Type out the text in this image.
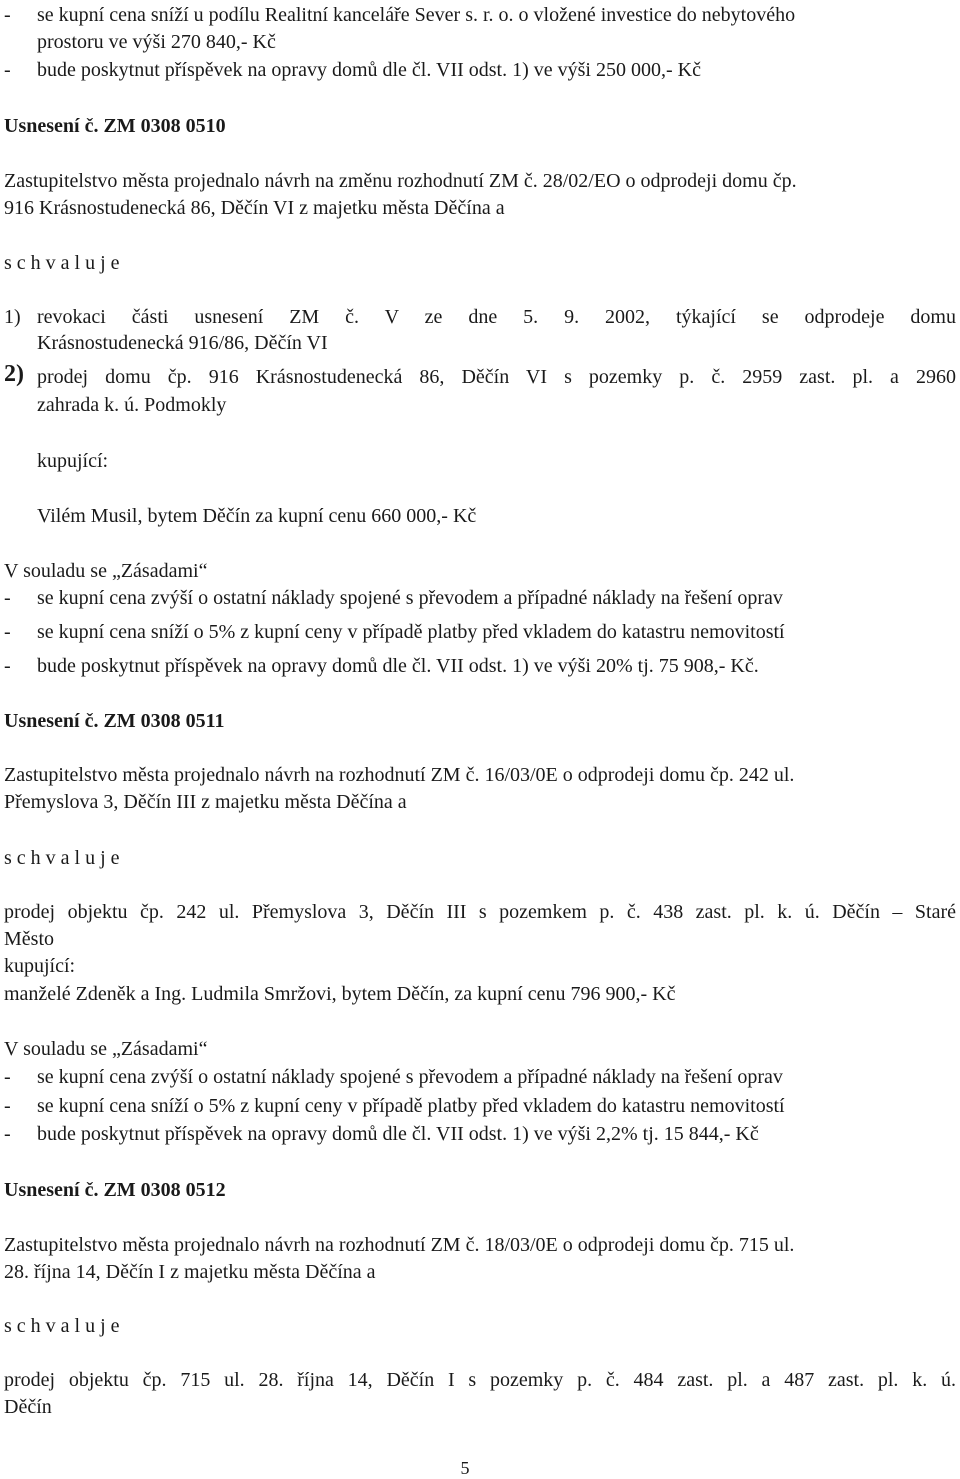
- se kupní cena sníží u podílu Realitní kanceláře Sever s. r. o. o vložené investice do nebytového
prostoru ve výši 270 840,- Kč
- bude poskytnut příspěvek na opravy domů dle čl. VII odst. 1) ve výši 250 000,- Kč
Usnesení č. ZM 0308 0510
Zastupitelstvo města projednalo návrh na změnu rozhodnutí ZM č. 28/02/EO o odprodeji domu čp.
916 Krásnostudenecká 86, Děčín VI z majetku města Děčína a
s c h v a l u j e
1) revokaci části usnesení ZM č. V ze dne 5. 9. 2002, týkající se odprodeje domu
Krásnostudenecká 916/86, Děčín VI
2) prodej domu čp. 916 Krásnostudenecká 86, Děčín VI s pozemky p. č. 2959 zast. pl. a 2960
zahrada k. ú. Podmokly
kupující:
Vilém Musil, bytem Děčín za kupní cenu 660 000,- Kč
V souladu se „Zásadami“
- se kupní cena zvýší o ostatní náklady spojené s převodem a případné náklady na řešení oprav
- se kupní cena sníží o 5% z kupní ceny v případě platby před vkladem do katastru nemovitostí
- bude poskytnut příspěvek na opravy domů dle čl. VII odst. 1) ve výši 20% tj. 75 908,- Kč.
Usnesení č. ZM 0308 0511
Zastupitelstvo města projednalo návrh na rozhodnutí ZM č. 16/03/0E o odprodeji domu čp. 242 ul.
Přemyslova 3, Děčín III z majetku města Děčína a
s c h v a l u j e
prodej objektu čp. 242 ul. Přemyslova 3, Děčín III s pozemkem p. č. 438 zast. pl. k. ú. Děčín – Staré
Město
kupující:
manželé Zdeněk a Ing. Ludmila Smržovi, bytem Děčín, za kupní cenu 796 900,- Kč
V souladu se „Zásadami“
- se kupní cena zvýší o ostatní náklady spojené s převodem a případné náklady na řešení oprav
- se kupní cena sníží o 5% z kupní ceny v případě platby před vkladem do katastru nemovitostí
- bude poskytnut příspěvek na opravy domů dle čl. VII odst. 1) ve výši 2,2% tj. 15 844,- Kč
Usnesení č. ZM 0308 0512
Zastupitelstvo města projednalo návrh na rozhodnutí ZM č. 18/03/0E o odprodeji domu čp. 715 ul.
28. října 14, Děčín I z majetku města Děčína a
s c h v a l u j e
prodej objektu čp. 715 ul. 28. října 14, Děčín I s pozemky p. č. 484 zast. pl. a 487 zast. pl. k. ú.
Děčín
5
